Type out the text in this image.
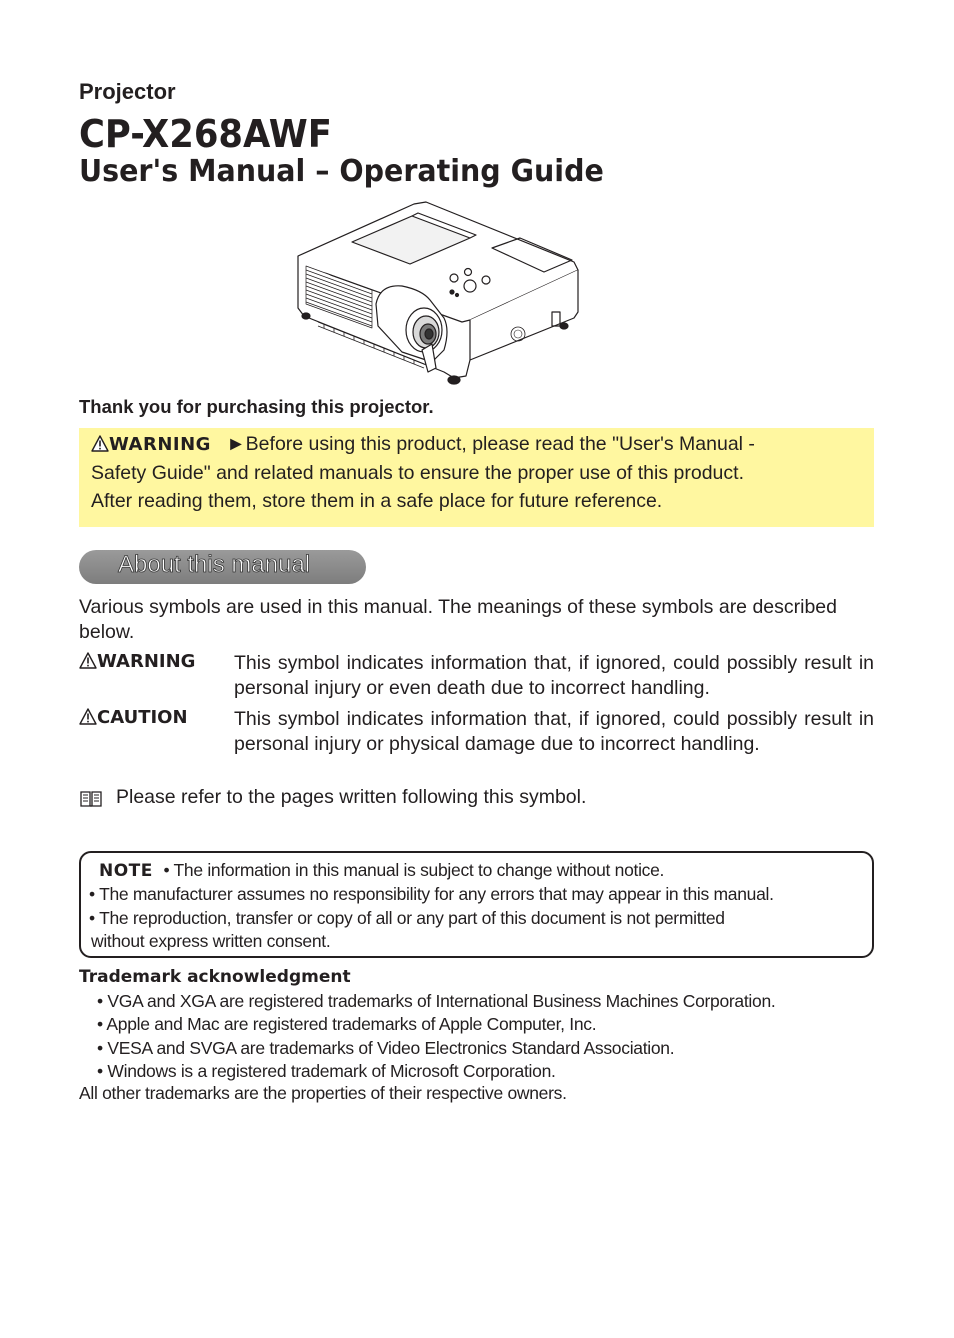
Projector
CP-X268AWF
User's Manual – Operating Guide
Thank you for purchasing this projector.
WARNING ►Before using this product, please read the "User's Manual -
Safety Guide" and related manuals to ensure the proper use of this product.
After reading them, store them in a safe place for future reference.
About this manual
Various symbols are used in this manual. The meanings of these symbols are described below.
WARNING This symbol indicates information that, if ignored, could possibly result in personal injury or even death due to incorrect handling.
CAUTION This symbol indicates information that, if ignored, could possibly result in personal injury or physical damage due to incorrect handling.
Please refer to the pages written following this symbol.
NOTE • The information in this manual is subject to change without notice.
• The manufacturer assumes no responsibility for any errors that may appear in this manual.
• The reproduction, transfer or copy of all or any part of this document is not permitted
without express written consent.
Trademark acknowledgment
• VGA and XGA are registered trademarks of International Business Machines Corporation.
• Apple and Mac are registered trademarks of Apple Computer, Inc.
• VESA and SVGA are trademarks of Video Electronics Standard Association.
• Windows is a registered trademark of Microsoft Corporation.
All other trademarks are the properties of their respective owners.
